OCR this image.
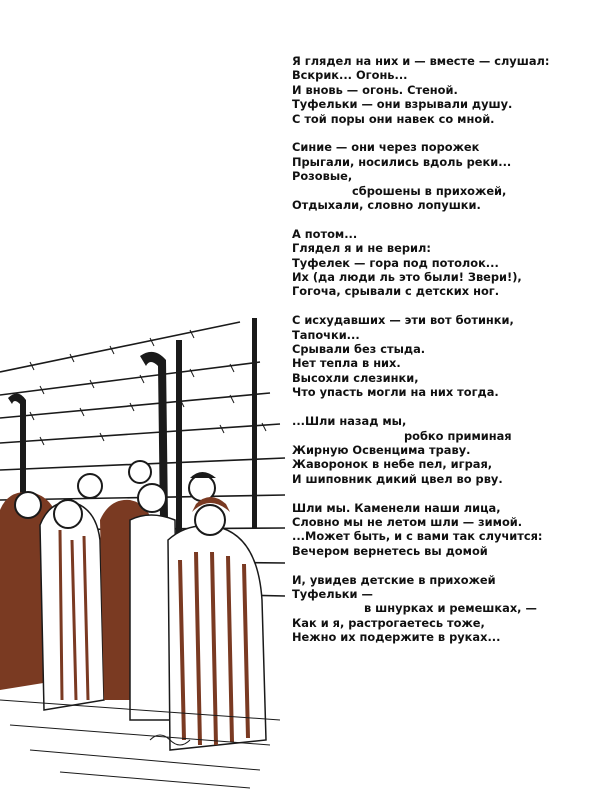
Я глядел на них и — вместе — слушал:
Вскрик... Огонь...
И вновь — огонь. Стеной.
Туфельки — они взрывали душу.
С той поры они навек со мной.
Синие — они через порожек
Прыгали, носились вдоль реки...
Розовые,
сброшены в прихожей,
Отдыхали, словно лопушки.
А потом...
Глядел я и не верил:
Туфелек — гора под потолок...
Их (да люди ль это были! Звери!),
Гогоча, срывали с детских ног.
С исхудавших — эти вот ботинки,
Тапочки...
Срывали без стыда.
Нет тепла в них.
Высохли слезинки,
Что упасть могли на них тогда.
...Шли назад мы,
робко приминая
Жирную Освенцима траву.
Жаворонок в небе пел, играя,
И шиповник дикий цвел во рву.
Шли мы. Каменели наши лица,
Словно мы не летом шли — зимой.
...Может быть, и с вами так случится:
Вечером вернетесь вы домой
И, увидев детские в прихожей
Туфельки —
в шнурках и ремешках, —
Как и я, растрогаетесь тоже,
Нежно их подержите в руках...
